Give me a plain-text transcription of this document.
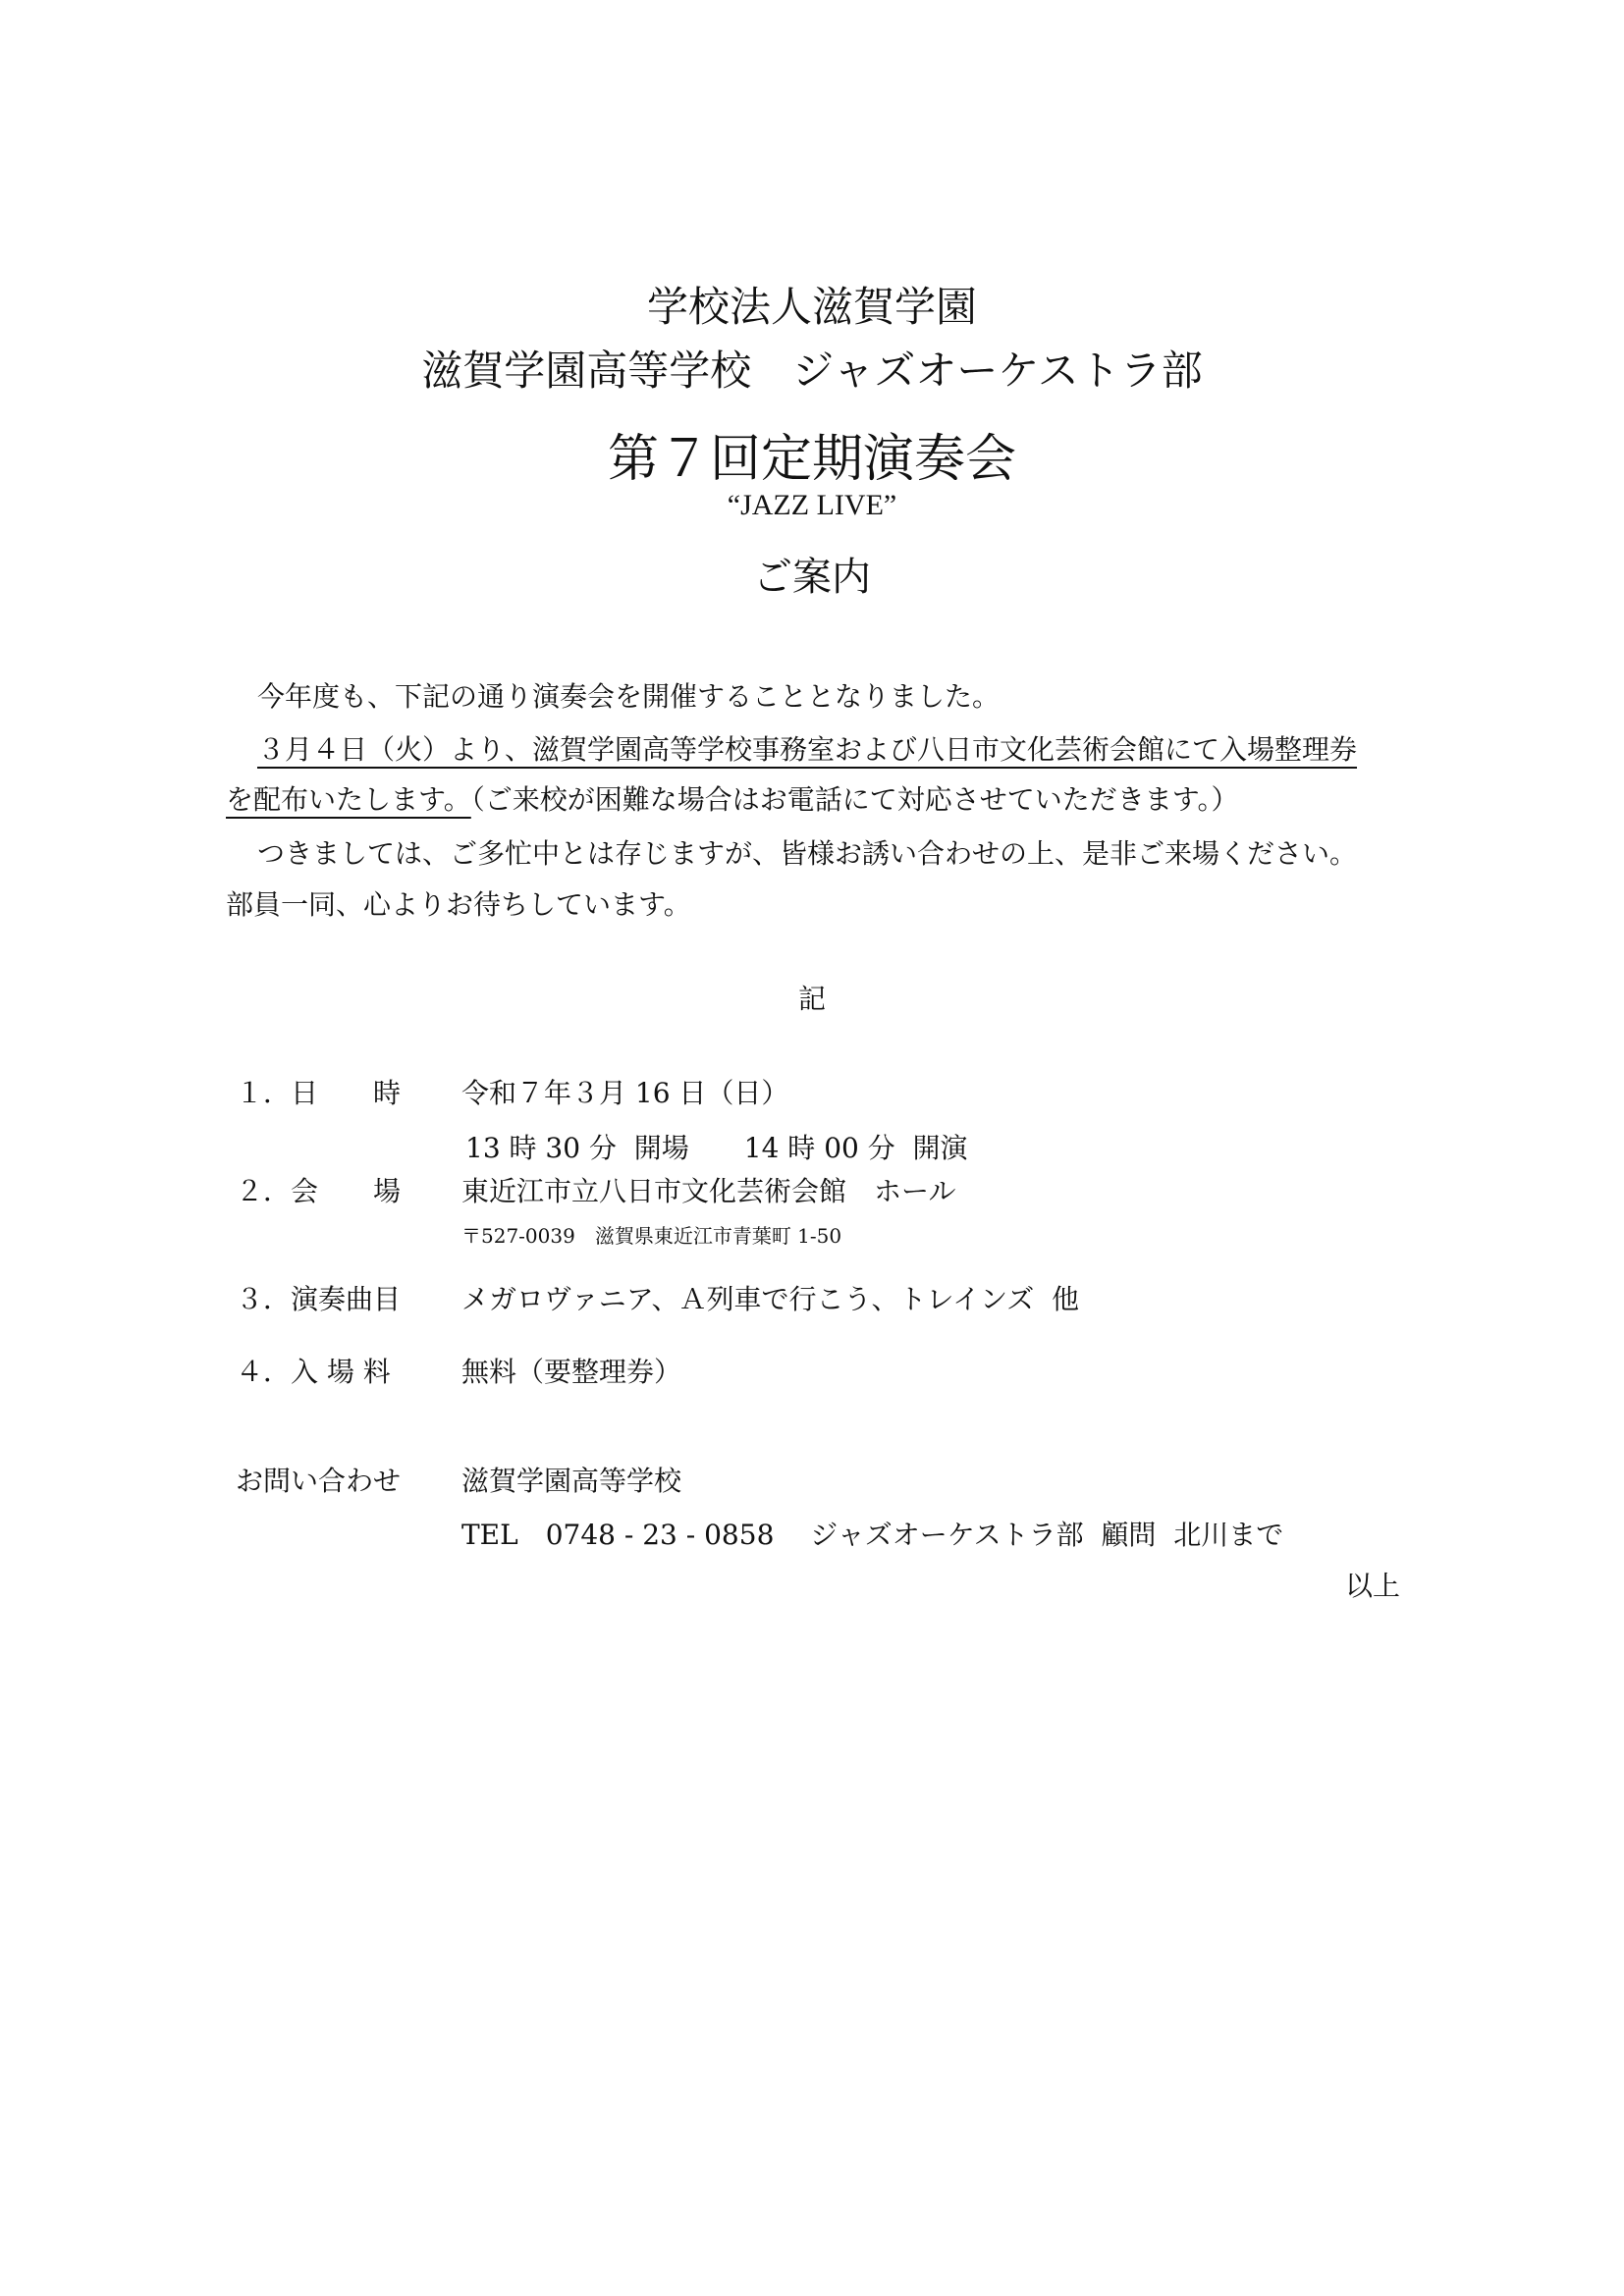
学校法人滋賀学園
滋賀学園高等学校　ジャズオーケストラ部
第７回定期演奏会
“JAZZ LIVE”
ご案内
今年度も、下記の通り演奏会を開催することとなりました。
３月４日（火）より、滋賀学園高等学校事務室および八日市文化芸術会館にて入場整理券
を配布いたします。（ご来校が困難な場合はお電話にて対応させていただきます。）
つきましては、ご多忙中とは存じますが、皆様お誘い合わせの上、是非ご来場ください。
部員一同、心よりお待ちしています。
記
１．日　　時 令和７年３月 16 日（日）
13 時 30 分  開場　　14 時 00 分  開演
２．会　　場 東近江市立八日市文化芸術会館　ホール
〒527-0039　滋賀県東近江市青葉町 1-50
３．演奏曲目 メガロヴァニア、Ａ列車で行こう、トレインズ  他
４．入 場 料	無料（要整理券）
お問い合わせ 滋賀学園高等学校
TEL　0748 - 23 - 0858　 ジャズオーケストラ部  顧問  北川まで
以上
